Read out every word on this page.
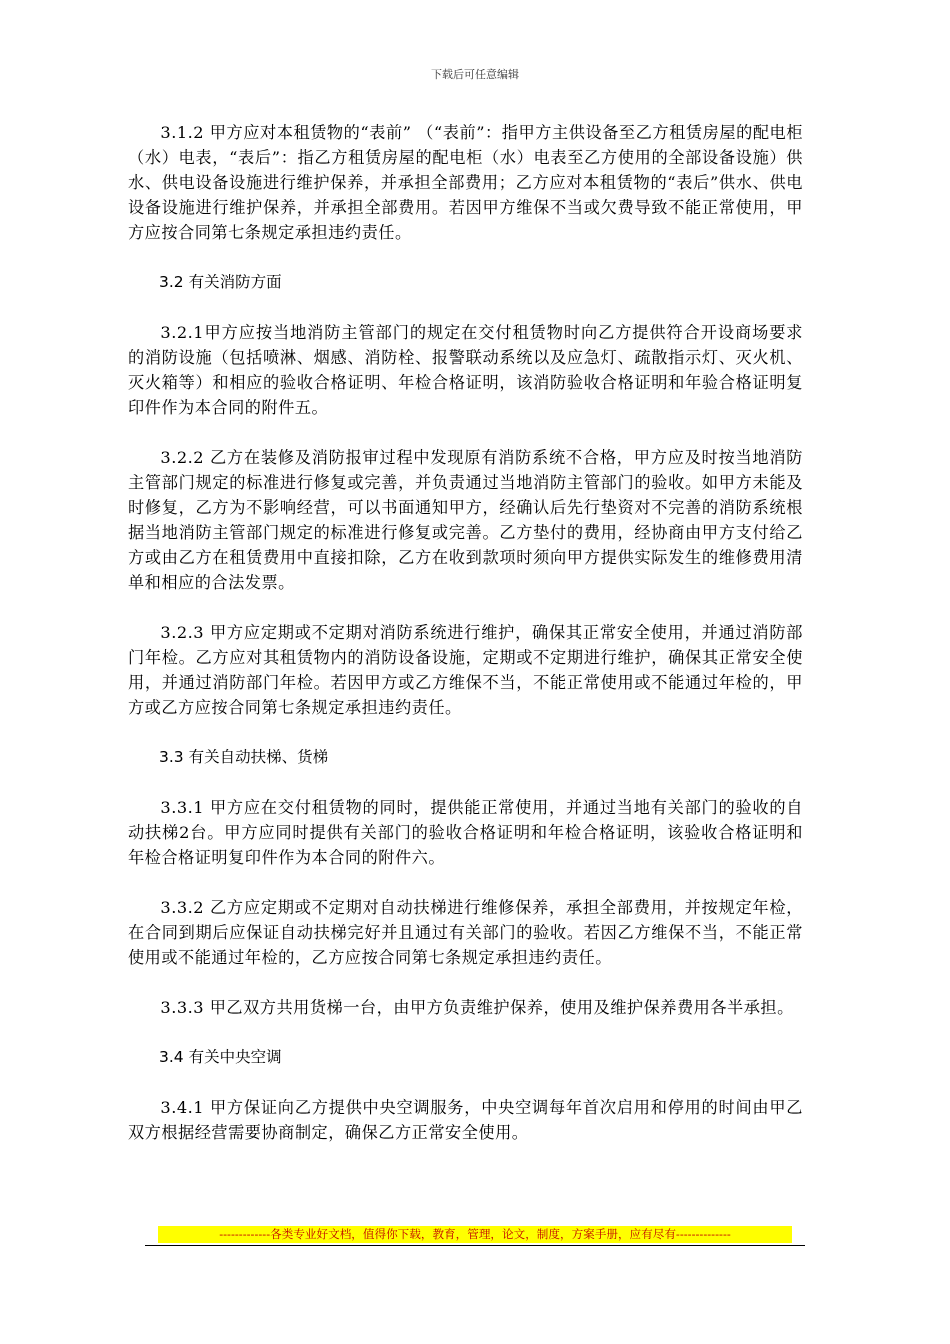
下载后可任意编辑

3.1.2 甲方应对本租赁物的“表前” （“表前”：指甲方主供设备至乙方租赁房屋的配电柜（水）电表，“表后”：指乙方租赁房屋的配电柜（水）电表至乙方使用的全部设备设施）供水、供电设备设施进行维护保养，并承担全部费用；乙方应对本租赁物的“表后”供水、供电设备设施进行维护保养，并承担全部费用。若因甲方维保不当或欠费导致不能正常使用，甲方应按合同第七条规定承担违约责任。

3.2 有关消防方面

3.2.1甲方应按当地消防主管部门的规定在交付租赁物时向乙方提供符合开设商场要求的消防设施（包括喷淋、烟感、消防栓、报警联动系统以及应急灯、疏散指示灯、灭火机、灭火箱等）和相应的验收合格证明、年检合格证明，该消防验收合格证明和年验合格证明复印件作为本合同的附件五。

3.2.2 乙方在装修及消防报审过程中发现原有消防系统不合格，甲方应及时按当地消防主管部门规定的标准进行修复或完善，并负责通过当地消防主管部门的验收。如甲方未能及时修复，乙方为不影响经营，可以书面通知甲方，经确认后先行垫资对不完善的消防系统根据当地消防主管部门规定的标准进行修复或完善。乙方垫付的费用，经协商由甲方支付给乙方或由乙方在租赁费用中直接扣除，乙方在收到款项时须向甲方提供实际发生的维修费用清单和相应的合法发票。

3.2.3 甲方应定期或不定期对消防系统进行维护，确保其正常安全使用，并通过消防部门年检。乙方应对其租赁物内的消防设备设施，定期或不定期进行维护，确保其正常安全使用，并通过消防部门年检。若因甲方或乙方维保不当，不能正常使用或不能通过年检的，甲方或乙方应按合同第七条规定承担违约责任。

3.3 有关自动扶梯、货梯

3.3.1 甲方应在交付租赁物的同时，提供能正常使用，并通过当地有关部门的验收的自动扶梯2台。甲方应同时提供有关部门的验收合格证明和年检合格证明，该验收合格证明和年检合格证明复印件作为本合同的附件六。

3.3.2 乙方应定期或不定期对自动扶梯进行维修保养，承担全部费用，并按规定年检，在合同到期后应保证自动扶梯完好并且通过有关部门的验收。若因乙方维保不当，不能正常使用或不能通过年检的，乙方应按合同第七条规定承担违约责任。

3.3.3 甲乙双方共用货梯一台，由甲方负责维护保养，使用及维护保养费用各半承担。

3.4 有关中央空调

3.4.1 甲方保证向乙方提供中央空调服务，中央空调每年首次启用和停用的时间由甲乙双方根据经营需要协商制定，确保乙方正常安全使用。

-------------各类专业好文档，值得你下载，教育，管理，论文，制度，方案手册，应有尽有--------------
